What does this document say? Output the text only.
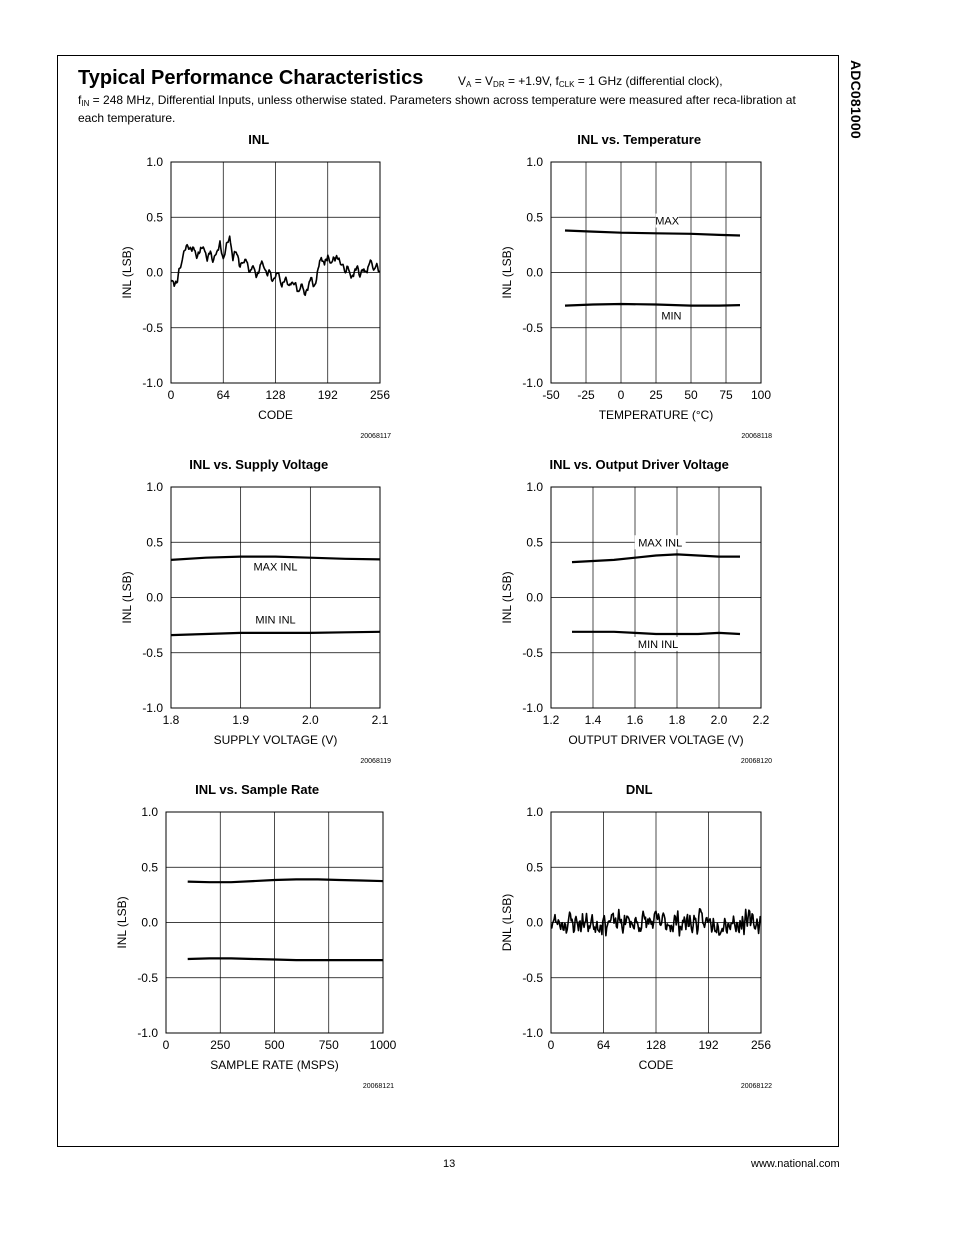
ADC081000
Typical Performance Characteristics	$V_A = V_{DR} = +1.9V$, $f_{CLK} = 1$ GHz (differential clock),
$f_{IN} = 248$ MHz, Differential Inputs, unless otherwise stated. Parameters shown across temperature were measured after reca-libration at each temperature.
INL
0	64	128	192	256
1.0
0.5
0.0
-0.5
-1.0
CODE
INL (LSB)
20068117
INL vs. Temperature
-50 -25 0 25 50 75 100
1.0
0.5
0.0
-0.5
-1.0
TEMPERATURE (°C)
INL (LSB)
20068118
MAX
MIN
INL vs. Supply Voltage
1.8	1.9	2.0	2.1
1.0
0.5
0.0
-0.5
-1.0
SUPPLY VOLTAGE (V)
INL (LSB)
20068119
MAX INL
MIN INL
INL vs. Output Driver Voltage
1.2 1.4 1.6 1.8 2.0 2.2
1.0
0.5
0.0
-0.5
-1.0
OUTPUT DRIVER VOLTAGE (V)
INL (LSB)
20068120
MAX INL
MIN INL
INL vs. Sample Rate
0	250	500	750	1000
1.0
0.5
0.0
-0.5
-1.0
SAMPLE RATE (MSPS)
INL (LSB)
20068121
DNL
0	64	128	192	256
1.0
0.5
0.0
-0.5
-1.0
CODE
DNL (LSB)
20068122
13	www.national.com
